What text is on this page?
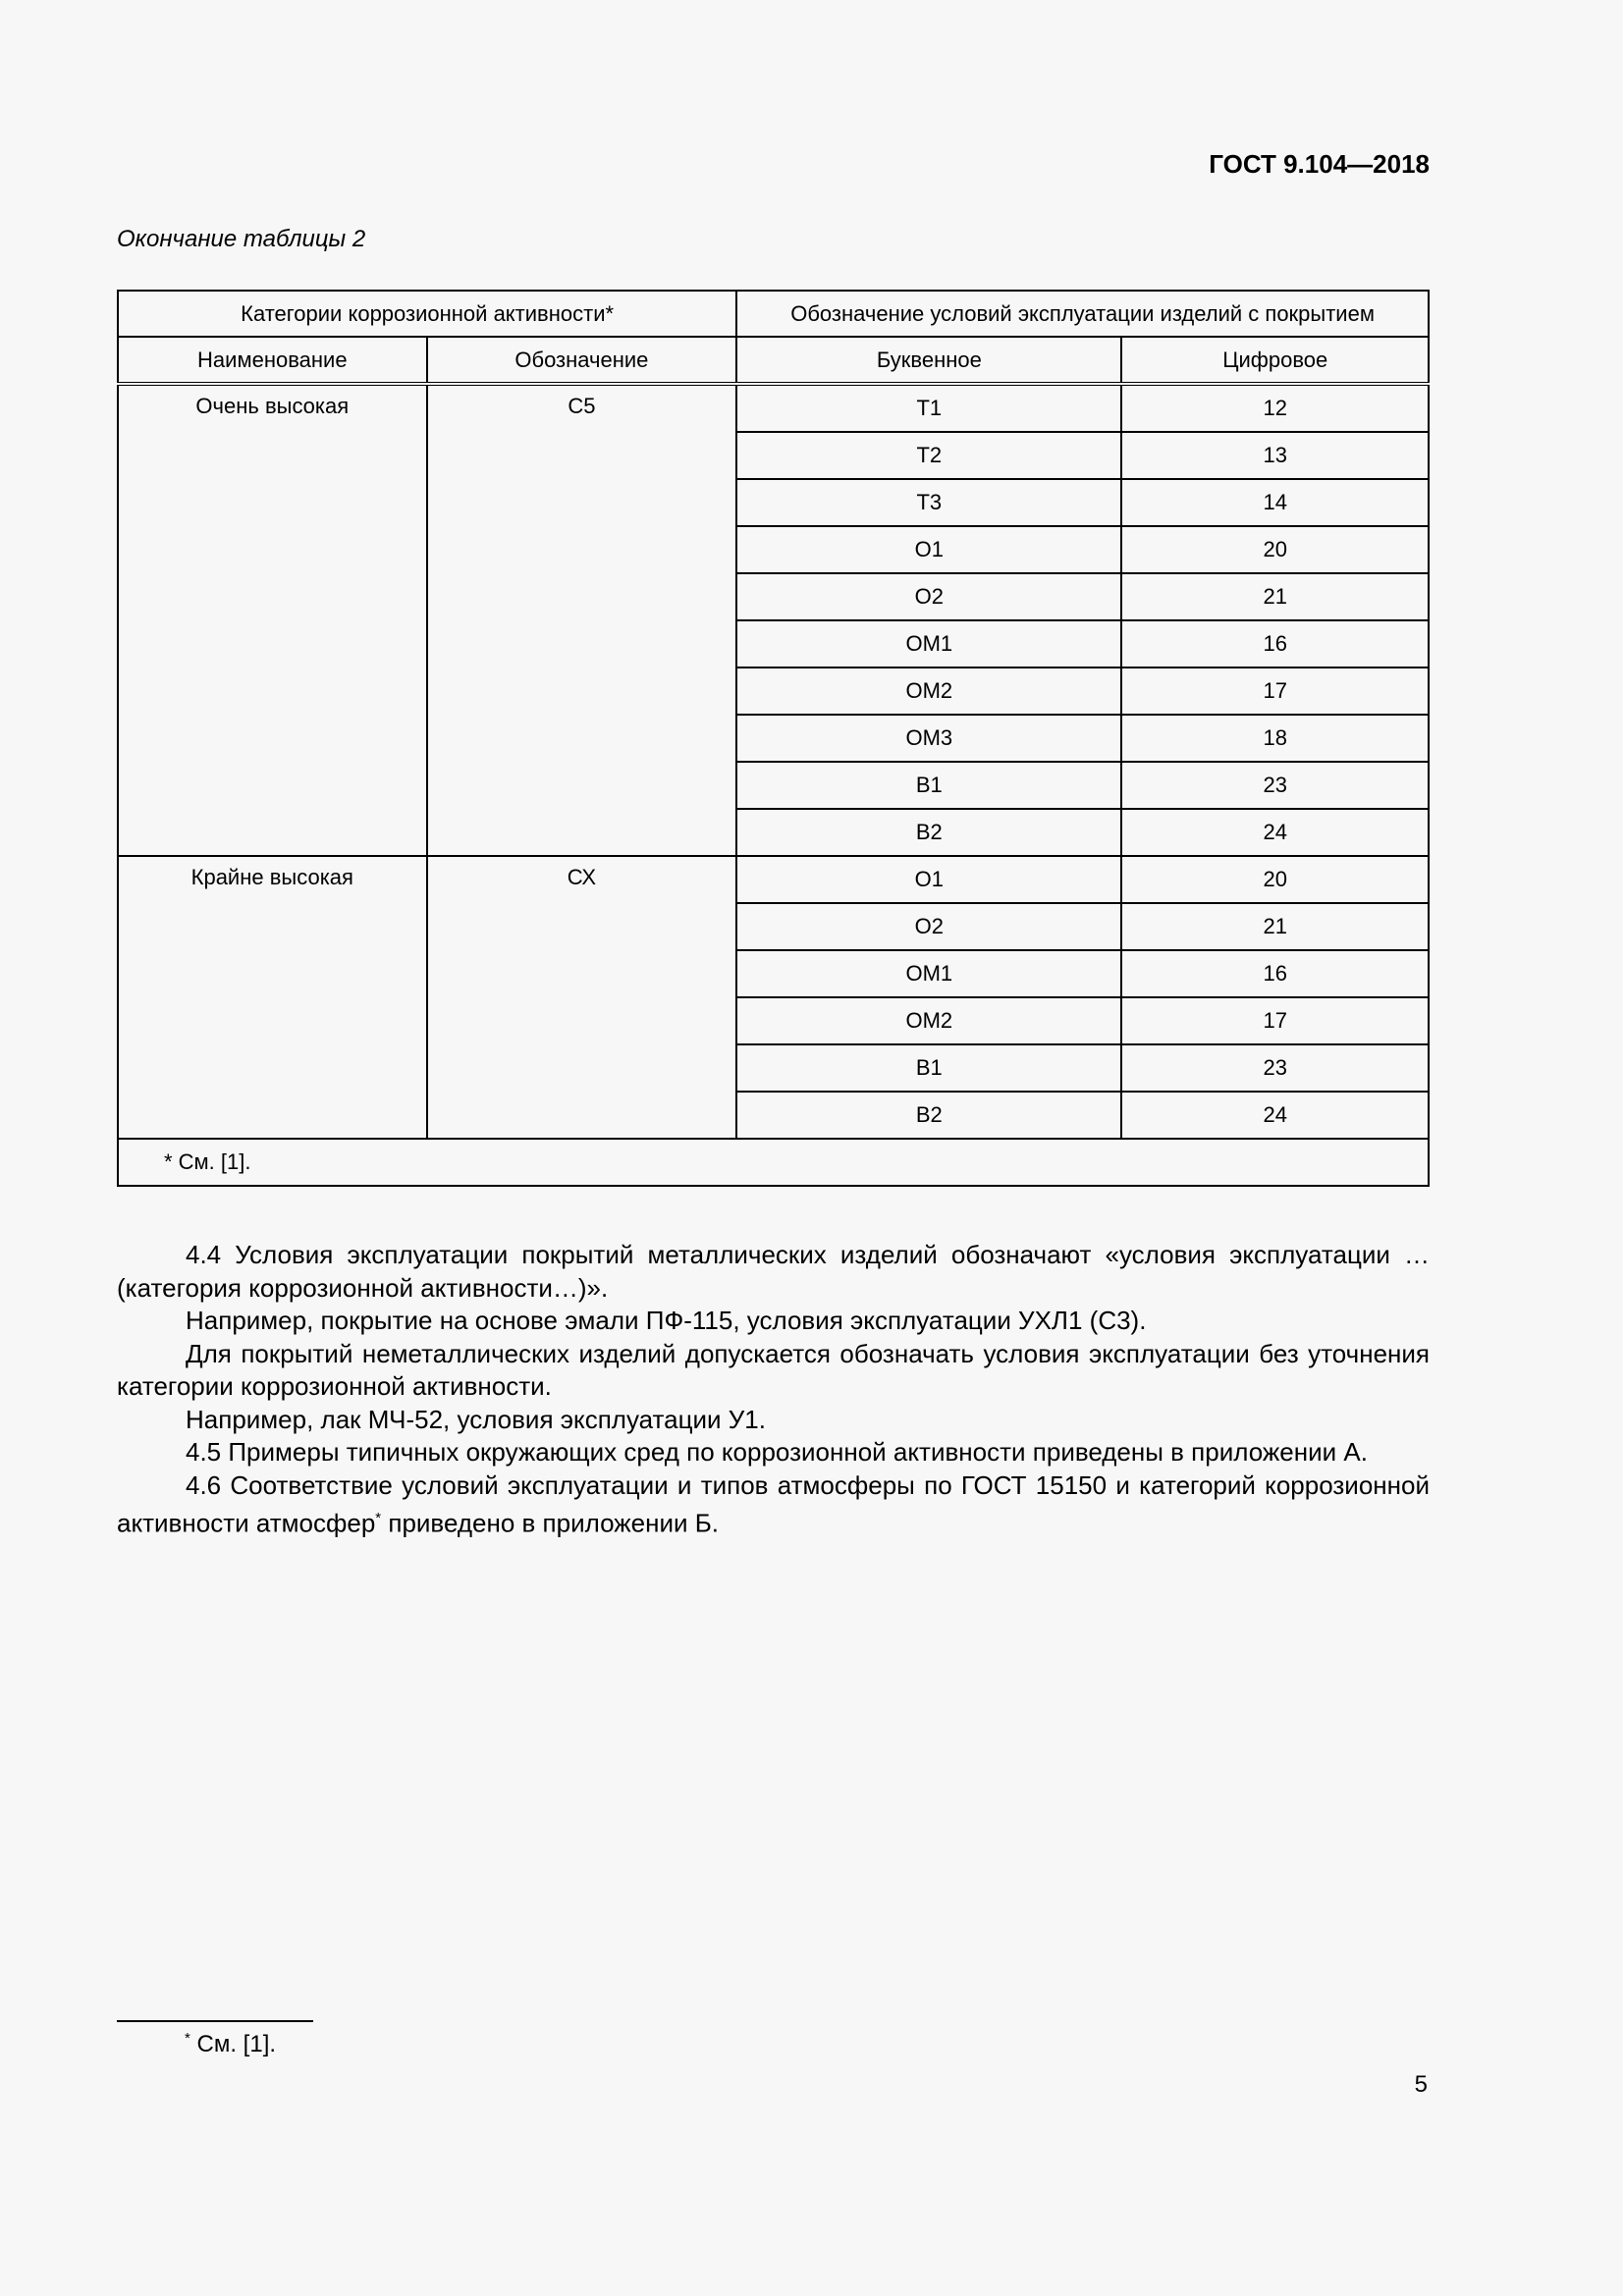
ГОСТ 9.104—2018
Окончание таблицы 2
Категории коррозионной активности*		Обозначение условий эксплуатации изделий с покрытием	
Наименование	Обозначение	Буквенное	Цифровое
Очень высокая	С5	Т1	12
		Т2	13
		Т3	14
		О1	20
		О2	21
		ОМ1	16
		ОМ2	17
		ОМ3	18
		В1	23
		В2	24
Крайне высокая	СХ	О1	20
		О2	21
		ОМ1	16
		ОМ2	17
		В1	23
		В2	24
* См. [1].			

4.4 Условия эксплуатации покрытий металлических изделий обозначают «условия эксплуатации … (категория коррозионной активности…)».

Например, покрытие на основе эмали ПФ-115, условия эксплуатации УХЛ1 (С3).

Для покрытий неметаллических изделий допускается обозначать условия эксплуатации без уточнения категории коррозионной активности.

Например, лак МЧ-52, условия эксплуатации У1.

4.5 Примеры типичных окружающих сред по коррозионной активности приведены в приложении А.

4.6 Соответствие условий эксплуатации и типов атмосферы по ГОСТ 15150 и категорий коррозионной активности атмосфер* приведено в приложении Б.

* См. [1].
5
